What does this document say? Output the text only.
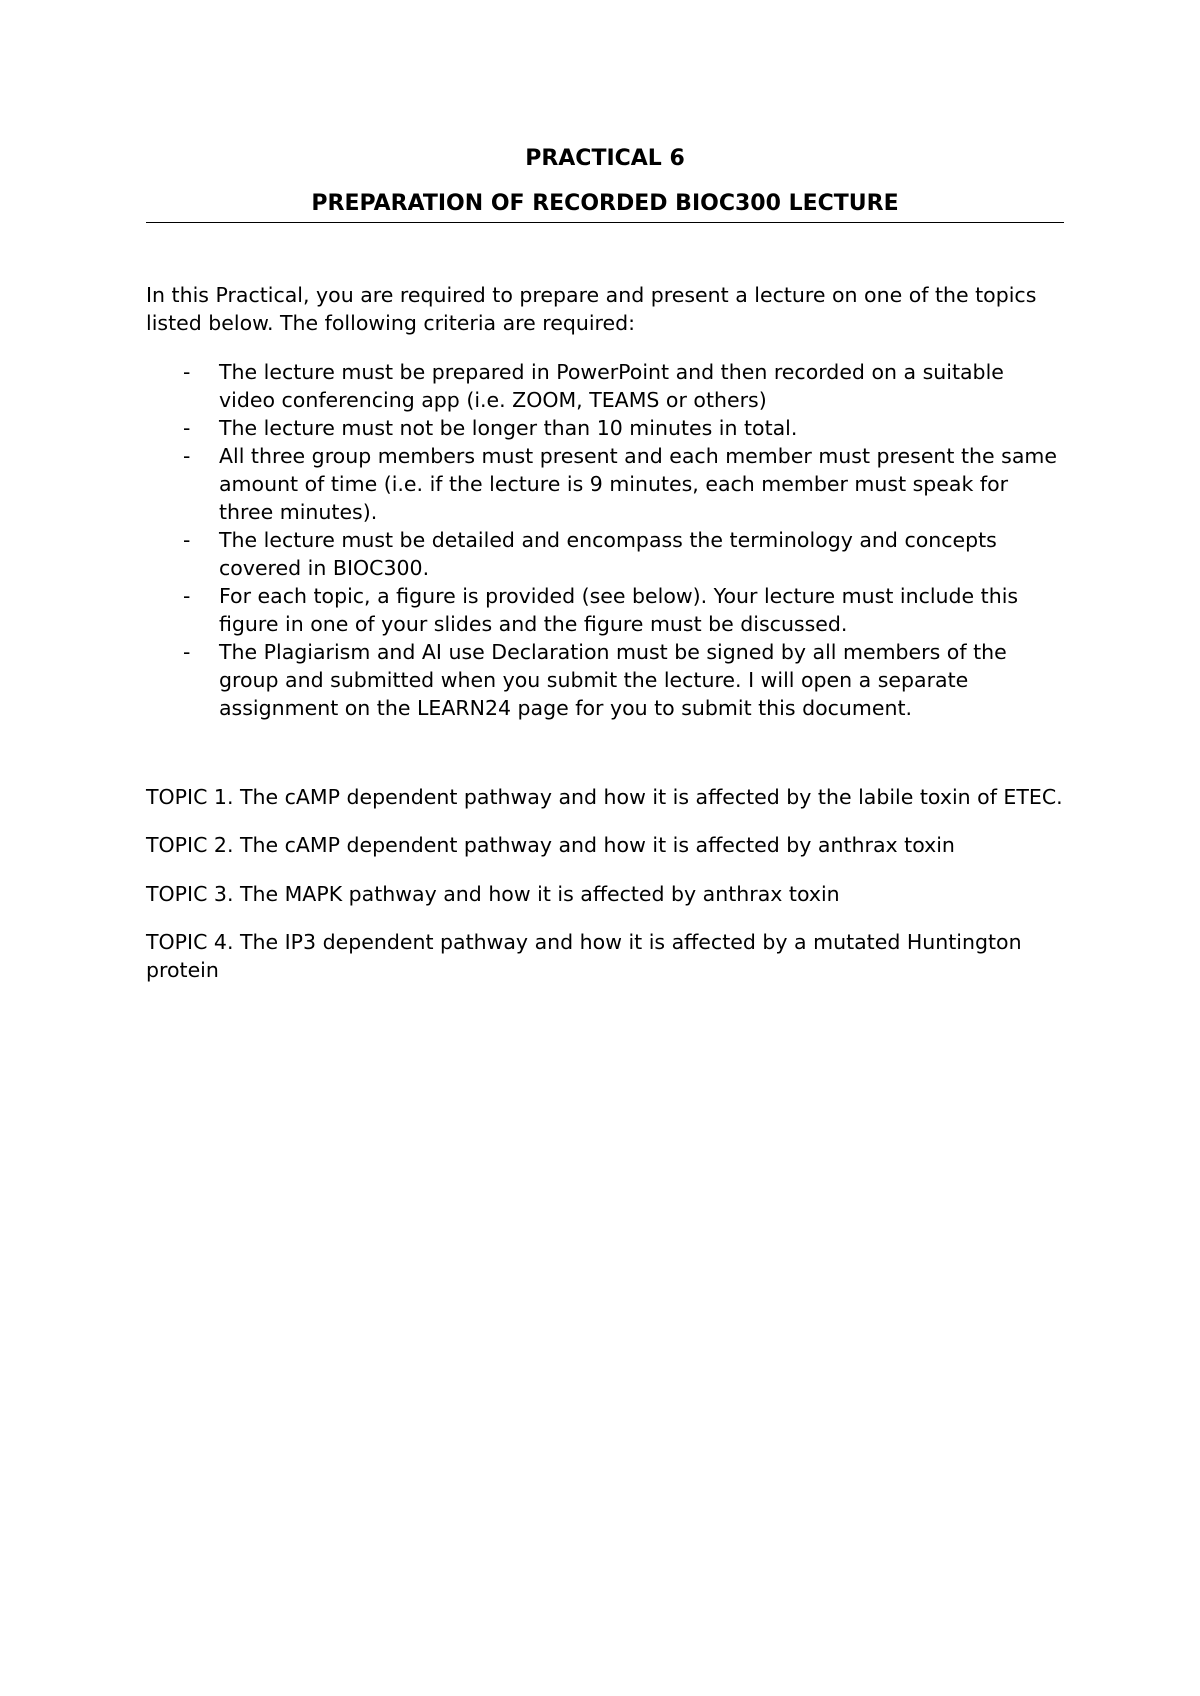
PRACTICAL 6
PREPARATION OF RECORDED BIOC300 LECTURE

In this Practical, you are required to prepare and present a lecture on one of the topics listed below. The following criteria are required:

- The lecture must be prepared in PowerPoint and then recorded on a suitable video conferencing app (i.e. ZOOM, TEAMS or others)
- The lecture must not be longer than 10 minutes in total.
- All three group members must present and each member must present the same amount of time (i.e. if the lecture is 9 minutes, each member must speak for three minutes).
- The lecture must be detailed and encompass the terminology and concepts covered in BIOC300.
- For each topic, a figure is provided (see below). Your lecture must include this figure in one of your slides and the figure must be discussed.
- The Plagiarism and AI use Declaration must be signed by all members of the group and submitted when you submit the lecture. I will open a separate assignment on the LEARN24 page for you to submit this document.

TOPIC 1. The cAMP dependent pathway and how it is affected by the labile toxin of ETEC.

TOPIC 2. The cAMP dependent pathway and how it is affected by anthrax toxin

TOPIC 3. The MAPK pathway and how it is affected by anthrax toxin

TOPIC 4. The IP3 dependent pathway and how it is affected by a mutated Huntington protein
